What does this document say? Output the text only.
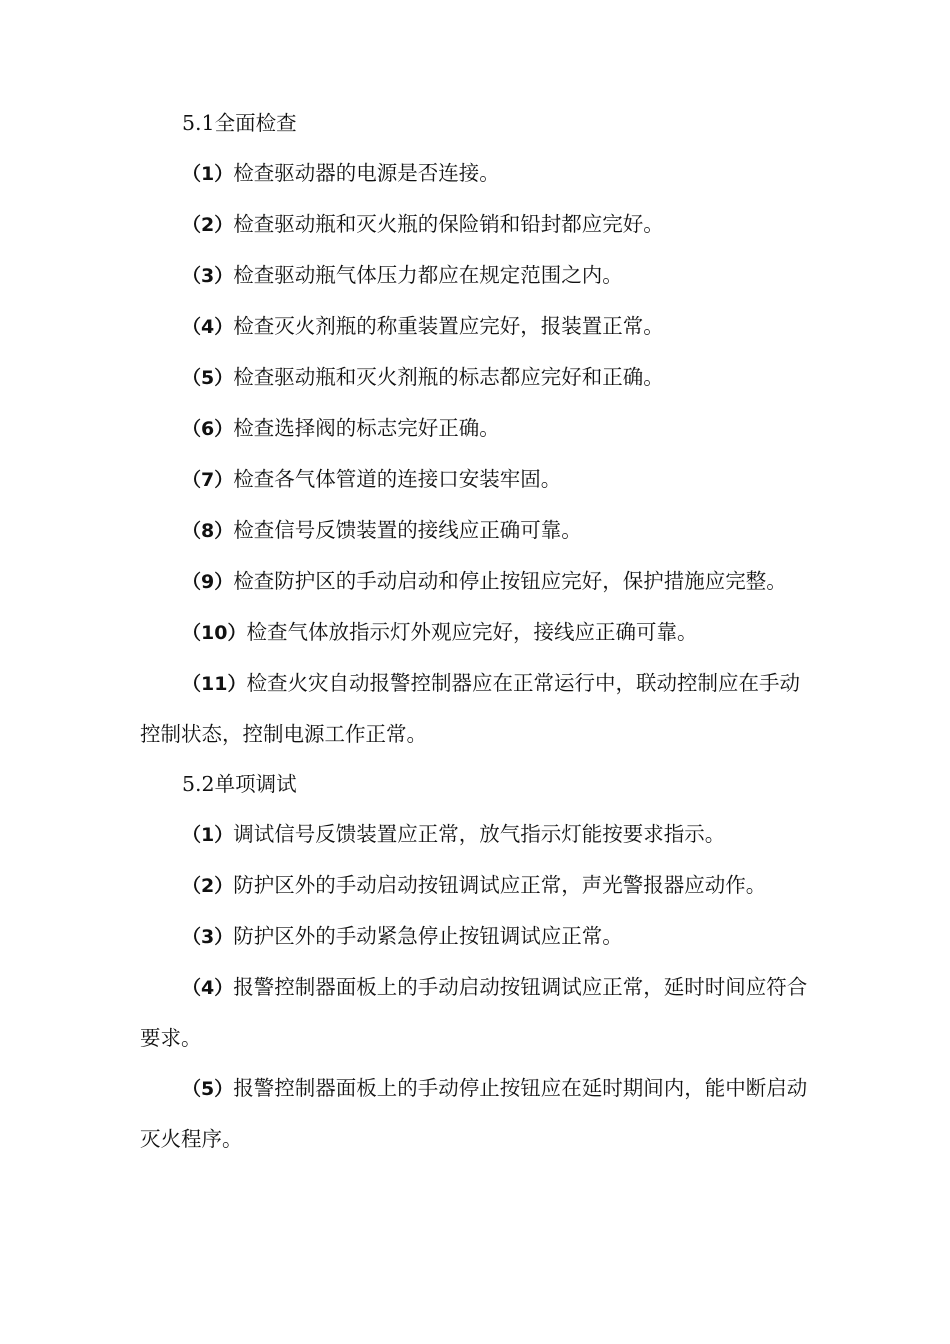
5.1全面检查

（1）检查驱动器的电源是否连接。

（2）检查驱动瓶和灭火瓶的保险销和铅封都应完好。

（3）检查驱动瓶气体压力都应在规定范围之内。

（4）检查灭火剂瓶的称重装置应完好，报装置正常。

（5）检查驱动瓶和灭火剂瓶的标志都应完好和正确。

（6）检查选择阀的标志完好正确。

（7）检查各气体管道的连接口安装牢固。

（8）检查信号反馈装置的接线应正确可靠。

（9）检查防护区的手动启动和停止按钮应完好，保护措施应完整。

（10）检查气体放指示灯外观应完好，接线应正确可靠。

（11）检查火灾自动报警控制器应在正常运行中，联动控制应在手动控制状态，控制电源工作正常。

5.2单项调试

（1）调试信号反馈装置应正常，放气指示灯能按要求指示。

（2）防护区外的手动启动按钮调试应正常，声光警报器应动作。

（3）防护区外的手动紧急停止按钮调试应正常。

（4）报警控制器面板上的手动启动按钮调试应正常，延时时间应符合要求。

（5）报警控制器面板上的手动停止按钮应在延时期间内，能中断启动灭火程序。
